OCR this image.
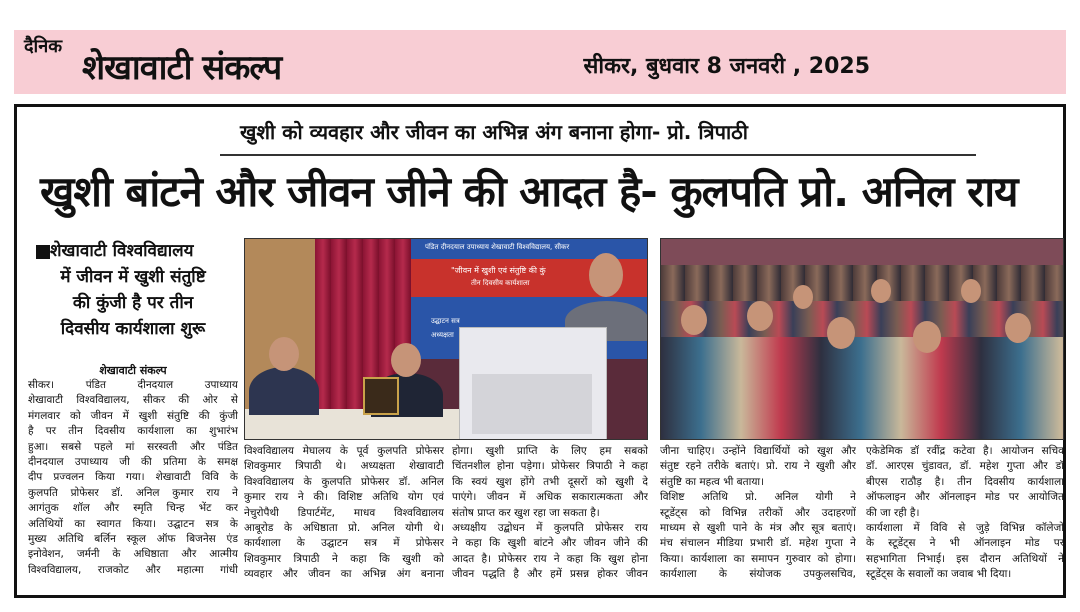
दैनिक
शेखावाटी संकल्प	सीकर, बुधवार 8 जनवरी , 2025
खुशी को व्यवहार और जीवन का अभिन्न अंग बनाना होगा- प्रो. त्रिपाठी
खुशी बांटने और जीवन जीने की आदत है- कुलपति प्रो. अनिल राय
शेखावाटी विश्वविद्यालय
में जीवन में खुशी संतुष्टि
की कुंजी है पर तीन
दिवसीय कार्यशाला शुरू
शेखावाटी संकल्प
सीकर। पंडित दीनदयाल उपाध्याय
शेखावाटी विश्वविद्यालय, सीकर की ओर से
मंगलवार को जीवन में खुशी संतुष्टि की कुंजी
है पर तीन दिवसीय कार्यशाला का शुभारंभ
हुआ। सबसे पहले मां सरस्वती और पंडित
दीनदयाल उपाध्याय जी की प्रतिमा के समक्ष
दीप प्रज्वलन किया गया। शेखावाटी विवि के
कुलपति प्रोफेसर डॉ. अनिल कुमार राय ने
आगंतुक शॉल और स्मृति चिन्ह भेंट कर
अतिथियों का स्वागत किया। उद्घाटन सत्र के
मुख्य अतिथि बर्लिन स्कूल ऑफ बिजनेस एंड
इनोवेशन, जर्मनी के अधिष्ठाता और आत्मीय
विश्वविद्यालय, राजकोट और महात्मा गांधी
पंडित दीनदयाल उपाध्याय शेखावाटी विश्वविद्यालय, सीकर
"जीवन में खुशी एवं संतुष्टि की कुं
तीन दिवसीय कार्यशाला
उद्घाटन सत्र
अध्यक्षता
विश्वविद्यालय मेघालय के पूर्व कुलपति प्रोफेसर
शिवकुमार त्रिपाठी थे। अध्यक्षता शेखावाटी
विश्वविद्यालय के कुलपति प्रोफेसर डॉ. अनिल
कुमार राय ने की। विशिष्ट अतिथि योग एवं
नेचुरोपैथी डिपार्टमेंट, माधव विश्वविद्यालय
आबूरोड के अधिष्ठाता प्रो. अनिल योगी थे।
कार्यशाला के उद्घाटन सत्र में प्रोफेसर
शिवकुमार त्रिपाठी ने कहा कि खुशी को
व्यवहार और जीवन का अभिन्न अंग बनाना
होगा। खुशी प्राप्ति के लिए हम सबको
चिंतनशील होना पड़ेगा। प्रोफेसर त्रिपाठी ने कहा
कि स्वयं खुश होंगे तभी दूसरों को खुशी दे
पाएंगे। जीवन में अधिक सकारात्मकता और
संतोष प्राप्त कर खुश रहा जा सकता है।
अध्यक्षीय उद्बोधन में कुलपति प्रोफेसर राय
ने कहा कि खुशी बांटने और जीवन जीने की
आदत है। प्रोफेसर राय ने कहा कि खुश होना
जीवन पद्धति है और हमें प्रसन्न होकर जीवन
जीना चाहिए। उन्होंने विद्यार्थियों को खुश और
संतुष्ट रहने तरीके बताएं। प्रो. राय ने खुशी और
संतुष्टि का महत्व भी बताया।
विशिष्ट अतिथि प्रो. अनिल योगी ने
स्टूडेंट्स को विभिन्न तरीकों और उदाहरणों
माध्यम से खुशी पाने के मंत्र और सूत्र बताएं।
मंच संचालन मीडिया प्रभारी डॉ. महेश गुप्ता ने
किया। कार्यशाला का समापन गुरुवार को होगा।
कार्यशाला के संयोजक उपकुलसचिव,
एकेडेमिक डॉ रवींद्र कटेवा है। आयोजन सचिव
डॉ. आरएस चुंडावत, डॉ. महेश गुप्ता और डॉ
बीएस राठौड़ है। तीन दिवसीय कार्यशाला
ऑफलाइन और ऑनलाइन मोड पर आयोजित
की जा रही है।
कार्यशाला में विवि से जुड़े विभिन्न कॉलेजों
के स्टूडेंट्स ने भी ऑनलाइन मोड पर
सहभागिता निभाई। इस दौरान अतिथियों ने
स्टूडेंट्स के सवालों का जवाब भी दिया।
